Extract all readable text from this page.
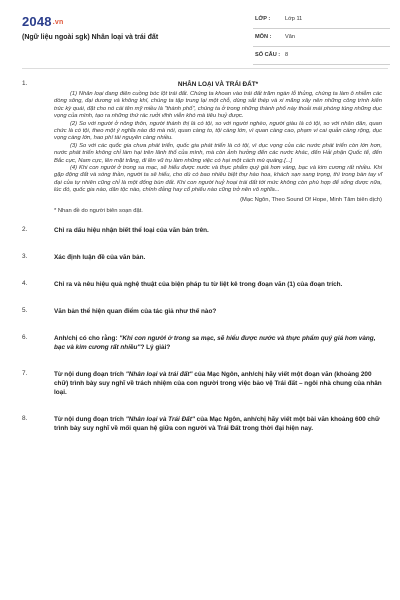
2048.vn
(Ngữ liệu ngoài sgk) Nhân loại và trái đất
LỚP :	Lớp 11
MÔN : Văn
SỐ CÂU : 8
1.	NHÂN LOẠI VÀ TRÁI ĐẤT*

(1) Nhân loại đang điên cuồng bóc lột trái đất. Chúng ta khoan vào trái đất trăm ngàn lỗ thủng, chúng ta làm ô nhiễm các dòng sông, đại dương và không khí, chúng ta tập trung lại một chỗ, dùng sắt thép và xi măng xây nên những công trình kiến trúc kỳ quái, đặt cho nó cái tên mỹ miều là "thành phố", chúng ta ở trong những thành phố này thoải mái phóng túng những dục vọng của mình, tạo ra những thứ rác rưởi vĩnh viễn khó mà tiêu huỷ được.

(2) So với người ở nông thôn, người thành thị là có tội, so với người nghèo, người giàu là có tội, so với nhân dân, quan chức là có tội, theo một ý nghĩa nào đó mà nói, quan càng to, tội càng lớn, vì quan càng cao, phạm vi cai quản càng rộng, dục vọng càng lớn, hao phí tài nguyên càng nhiều.

(3) So với các quốc gia chưa phát triển, quốc gia phát triển là có tội, vì dục vọng của các nước phát triển còn lớn hơn, nước phát triển không chỉ làm hại trên lãnh thổ của mình, mà còn ảnh hưởng đến các nước khác, đến Hải phận Quốc tế, đến Bắc cực, Nam cực, lên mặt trăng, đi lên vũ trụ làm những việc có hại một cách mù quáng.[...]

(4) Khi con người ở trong sa mạc, sẽ hiểu được nước và thực phẩm quý giá hơn vàng, bạc và kim cương rất nhiều. Khi gặp động đất và sóng thần, người ta sẽ hiểu, cho dù có bao nhiêu biệt thự hào hoa, khách sạn sang trọng, thì trong bàn tay vĩ đại của tự nhiên cũng chỉ là một đống bùn đất. Khi con người huỷ hoại trái đất tới mức không còn phù hợp để sống được nữa, lúc đó, quốc gia nào, dân tộc nào, chính đảng hay cổ phiếu nào cũng trở nên vô nghĩa...

(Mạc Ngôn, Theo Sound Of Hope, Minh Tâm biên dịch)

* Nhan đề do người biên soạn đặt.

2.	Chỉ ra dấu hiệu nhận biết thể loại của văn bản trên.
3.	Xác định luận đề của văn bản.
4.	Chỉ ra và nêu hiệu quả nghệ thuật của biện pháp tu từ liệt kê trong đoạn văn (1) của đoạn trích.
5.	Văn bản thể hiện quan điểm của tác giả như thế nào?
6.	Anh/chị có cho rằng: "Khi con người ở trong sa mạc, sẽ hiểu được nước và thực phẩm quý giá hơn vàng, bạc và kim cương rất nhiều"? Lý giải?
7.	Từ nội dung đoạn trích "Nhân loại và trái đất" của Mạc Ngôn, anh/chị hãy viết một đoạn văn (khoảng 200 chữ) trình bày suy nghĩ về trách nhiệm của con người trong việc bảo vệ Trái đất – ngôi nhà chung của nhân loại.
8.	Từ nội dung đoạn trích "Nhân loại và Trái Đất" của Mạc Ngôn, anh/chị hãy viết một bài văn khoảng 600 chữ trình bày suy nghĩ về mối quan hệ giữa con người và Trái Đất trong thời đại hiện nay.
